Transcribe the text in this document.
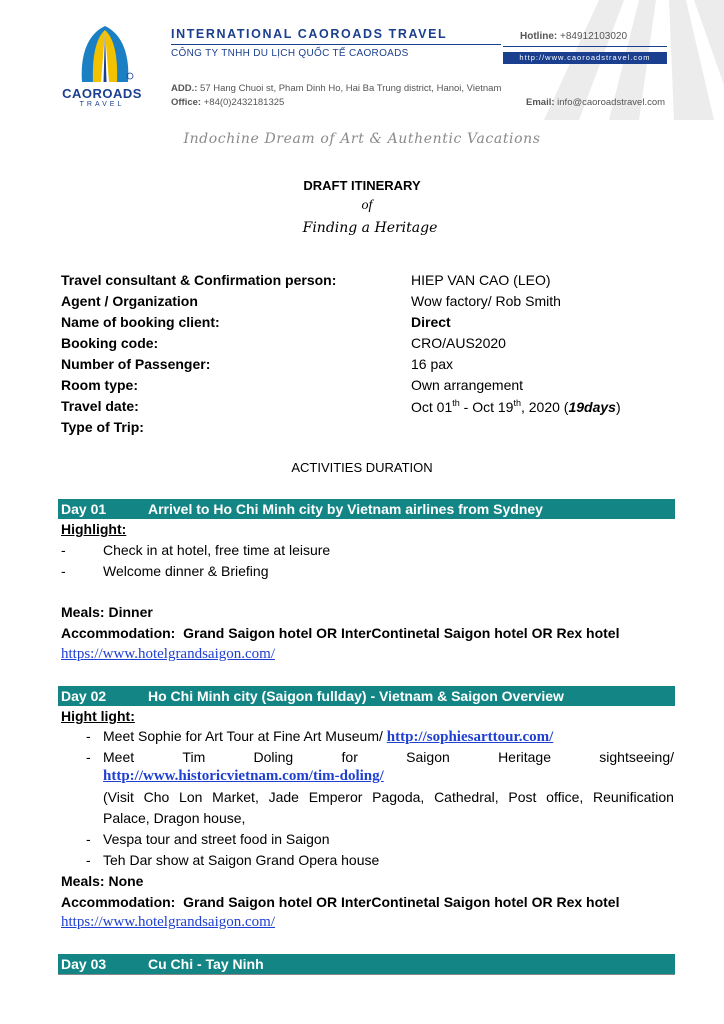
CAOROADS
TRAVEL
INTERNATIONAL CAOROADS TRAVEL
CÔNG TY TNHH DU LỊCH QUỐC TẾ CAOROADS
Hotline: +84912103020
http://www.caoroadstravel.com
ADD.: 57 Hang Chuoi st, Pham Dinh Ho, Hai Ba Trung district, Hanoi, Vietnam
Office: +84(0)2432181325	Email: info@caoroadstravel.com
Indochine Dream of Art & Authentic Vacations
DRAFT ITINERARY
of
Finding a Heritage
Travel consultant & Confirmation person:	HIEP VAN CAO (LEO)
Agent / Organization	Wow factory/ Rob Smith
Name of booking client:	Direct
Booking code:	CRO/AUS2020
Number of Passenger:	16 pax
Room type:	Own arrangement
Travel date:	Oct 01th - Oct 19th, 2020 (19days)
Type of Trip:
ACTIVITIES DURATION
Day 01	Arrivel to Ho Chi Minh city by Vietnam airlines from Sydney
Highlight:
-	Check in at hotel, free time at leisure
-	Welcome dinner & Briefing
Meals: Dinner
Accommodation: Grand Saigon hotel OR InterContinetal Saigon hotel OR Rex hotel
https://www.hotelgrandsaigon.com/
Day 02	Ho Chi Minh city (Saigon fullday) - Vietnam & Saigon Overview
Hight light:
- Meet Sophie for Art Tour at Fine Art Museum/ http://sophiesarttour.com/
- Meet	Tim	Doling	for	Saigon	Heritage	sightseeing/
http://www.historicvietnam.com/tim-doling/
(Visit Cho Lon Market, Jade Emperor Pagoda, Cathedral, Post office, Reunification
Palace, Dragon house,
- Vespa tour and street food in Saigon
- Teh Dar show at Saigon Grand Opera house
Meals: None
Accommodation: Grand Saigon hotel OR InterContinetal Saigon hotel OR Rex hotel
https://www.hotelgrandsaigon.com/
Day 03	Cu Chi - Tay Ninh
